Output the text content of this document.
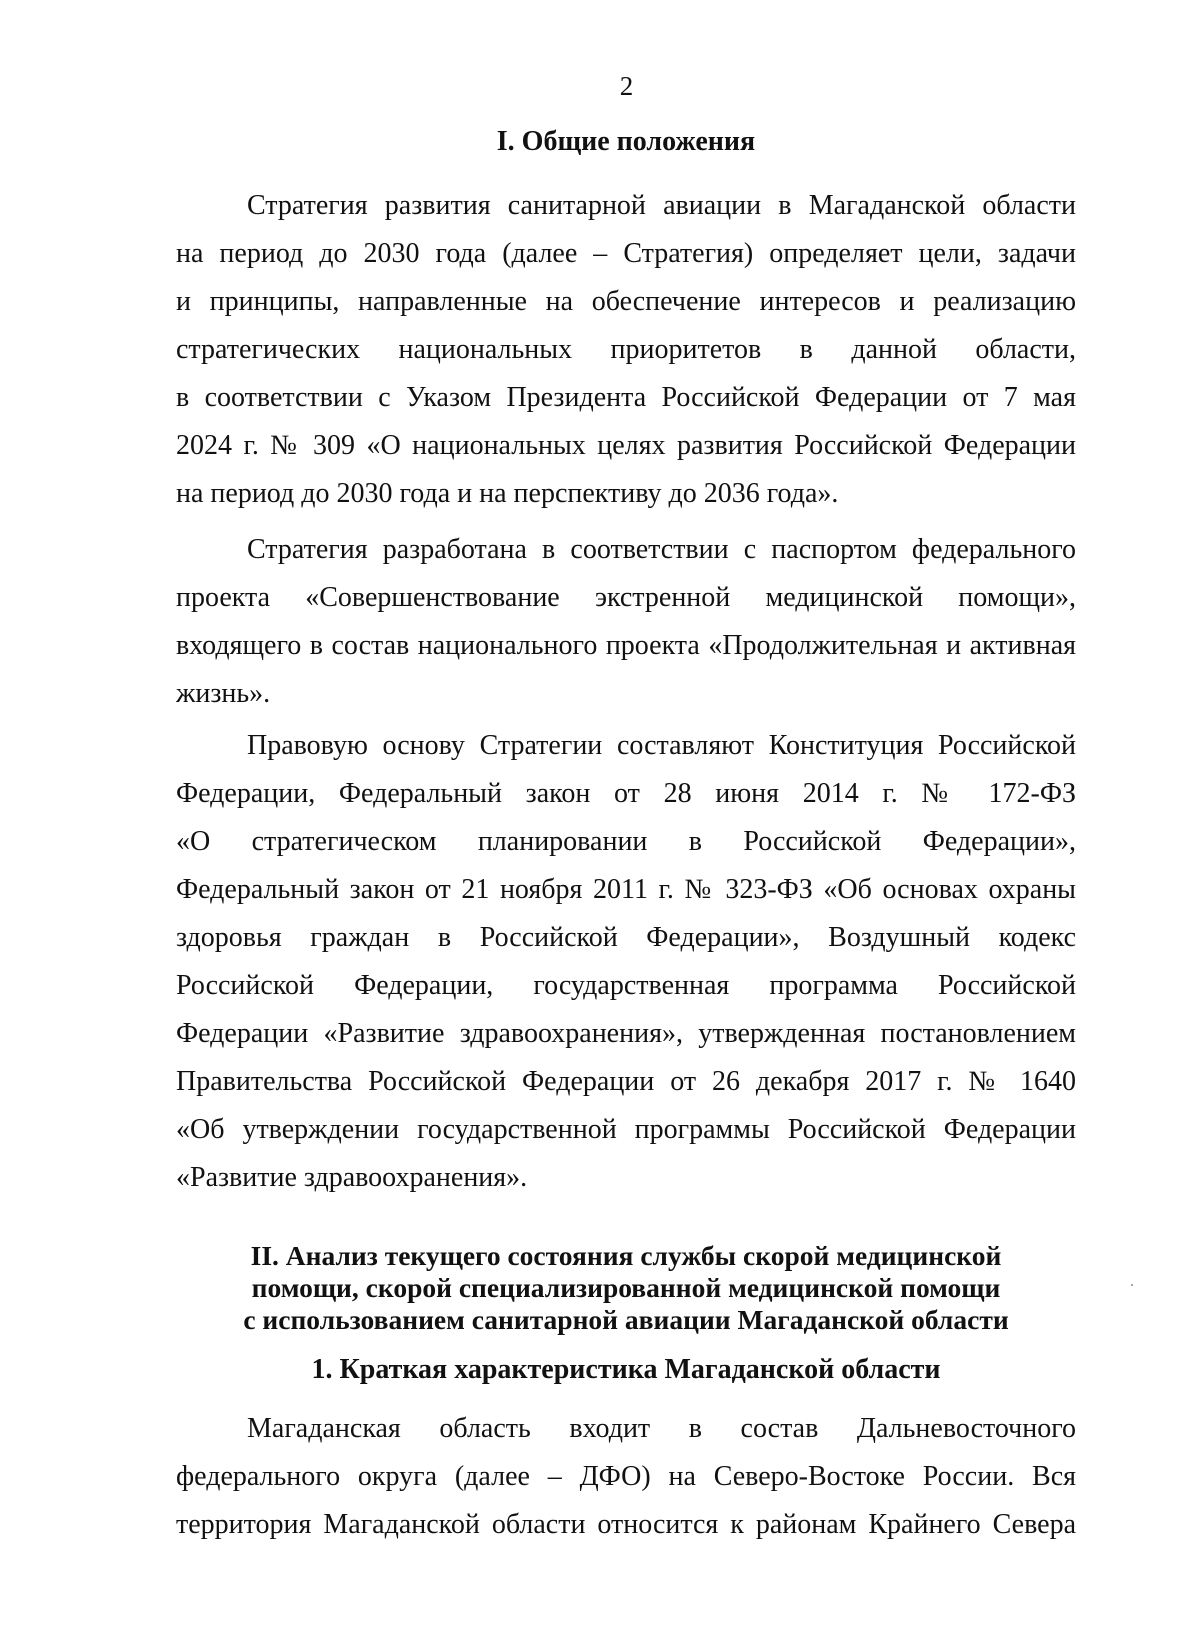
2
I. Общие положения
Стратегия развития санитарной авиации в Магаданской области
на период до 2030 года (далее – Стратегия) определяет цели, задачи
и принципы, направленные на обеспечение интересов и реализацию
стратегических национальных приоритетов в данной области,
в соответствии с Указом Президента Российской Федерации от 7 мая
2024 г. № 309 «О национальных целях развития Российской Федерации
на период до 2030 года и на перспективу до 2036 года».
Стратегия разработана в соответствии с паспортом федерального
проекта «Совершенствование экстренной медицинской помощи»,
входящего в состав национального проекта «Продолжительная и активная
жизнь».
Правовую основу Стратегии составляют Конституция Российской
Федерации, Федеральный закон от 28 июня 2014 г. № 172-ФЗ
«О стратегическом планировании в Российской Федерации»,
Федеральный закон от 21 ноября 2011 г. № 323-ФЗ «Об основах охраны
здоровья граждан в Российской Федерации», Воздушный кодекс
Российской Федерации, государственная программа Российской
Федерации «Развитие здравоохранения», утвержденная постановлением
Правительства Российской Федерации от 26 декабря 2017 г. № 1640
«Об утверждении государственной программы Российской Федерации
«Развитие здравоохранения».
II. Анализ текущего состояния службы скорой медицинской
помощи, скорой специализированной медицинской помощи
с использованием санитарной авиации Магаданской области
1. Краткая характеристика Магаданской области
Магаданская область входит в состав Дальневосточного
федерального округа (далее – ДФО) на Северо-Востоке России. Вся
территория Магаданской области относится к районам Крайнего Севера
